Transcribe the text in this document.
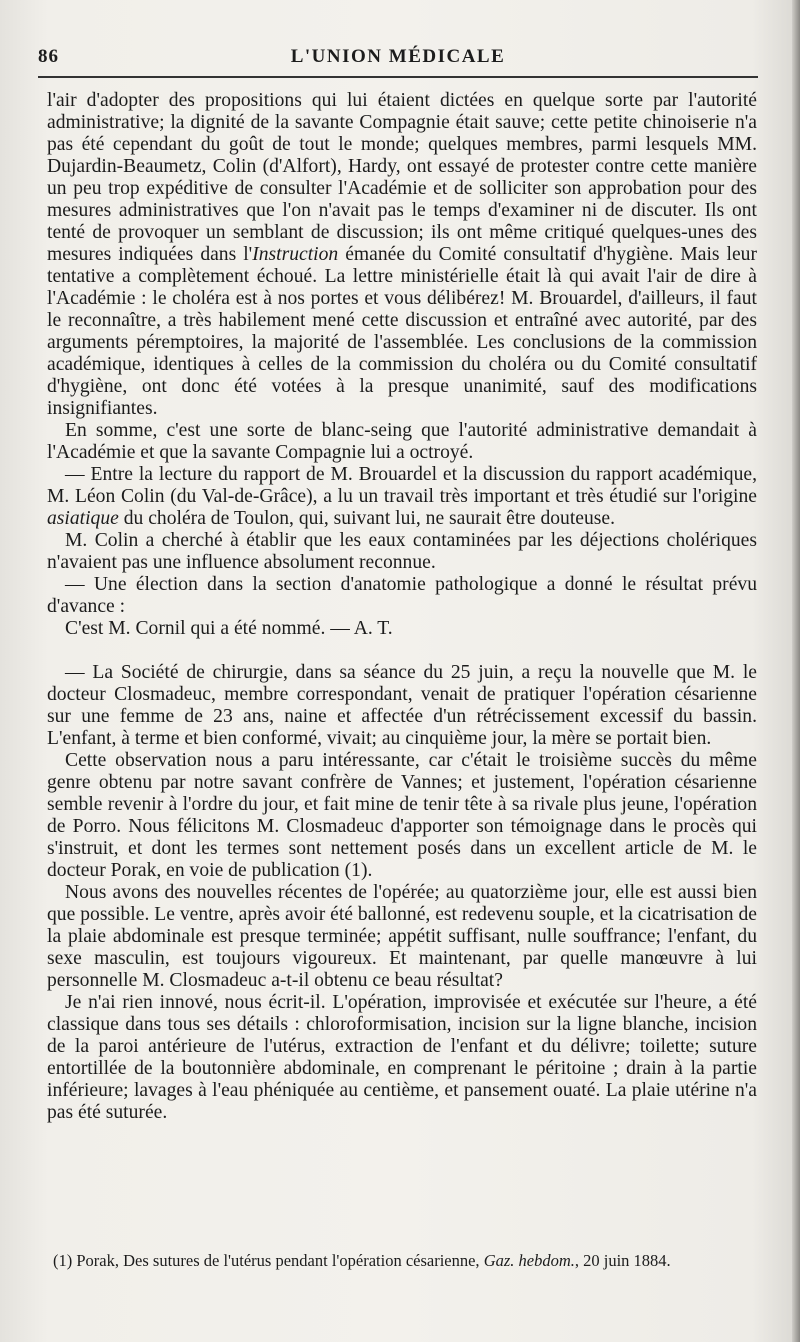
86	L'UNION MÉDICALE

l'air d'adopter des propositions qui lui étaient dictées en quelque sorte par l'autorité administrative; la dignité de la savante Compagnie était sauve; cette petite chinoiserie n'a pas été cependant du goût de tout le monde; quelques membres, parmi lesquels MM. Dujardin-Beaumetz, Colin (d'Alfort), Hardy, ont essayé de protester contre cette manière un peu trop expéditive de consulter l'Académie et de solliciter son approbation pour des mesures administratives que l'on n'avait pas le temps d'examiner ni de discuter. Ils ont tenté de provoquer un semblant de discussion; ils ont même critiqué quelques-unes des mesures indiquées dans l'Instruction émanée du Comité consultatif d'hygiène. Mais leur tentative a complètement échoué. La lettre ministérielle était là qui avait l'air de dire à l'Académie : le choléra est à nos portes et vous délibérez! M. Brouardel, d'ailleurs, il faut le reconnaître, a très habilement mené cette discussion et entraîné avec autorité, par des arguments péremptoires, la majorité de l'assemblée. Les conclusions de la commission académique, identiques à celles de la commission du choléra ou du Comité consultatif d'hygiène, ont donc été votées à la presque unanimité, sauf des modifications insignifiantes.

En somme, c'est une sorte de blanc-seing que l'autorité administrative demandait à l'Académie et que la savante Compagnie lui a octroyé.

— Entre la lecture du rapport de M. Brouardel et la discussion du rapport académique, M. Léon Colin (du Val-de-Grâce), a lu un travail très important et très étudié sur l'origine asiatique du choléra de Toulon, qui, suivant lui, ne saurait être douteuse.

M. Colin a cherché à établir que les eaux contaminées par les déjections cholériques n'avaient pas une influence absolument reconnue.

— Une élection dans la section d'anatomie pathologique a donné le résultat prévu d'avance :

C'est M. Cornil qui a été nommé. — A. T.

— La Société de chirurgie, dans sa séance du 25 juin, a reçu la nouvelle que M. le docteur Closmadeuc, membre correspondant, venait de pratiquer l'opération césarienne sur une femme de 23 ans, naine et affectée d'un rétrécissement excessif du bassin. L'enfant, à terme et bien conformé, vivait; au cinquième jour, la mère se portait bien.

Cette observation nous a paru intéressante, car c'était le troisième succès du même genre obtenu par notre savant confrère de Vannes; et justement, l'opération césarienne semble revenir à l'ordre du jour, et fait mine de tenir tête à sa rivale plus jeune, l'opération de Porro. Nous félicitons M. Closmadeuc d'apporter son témoignage dans le procès qui s'instruit, et dont les termes sont nettement posés dans un excellent article de M. le docteur Porak, en voie de publication (1).

Nous avons des nouvelles récentes de l'opérée; au quatorzième jour, elle est aussi bien que possible. Le ventre, après avoir été ballonné, est redevenu souple, et la cicatrisation de la plaie abdominale est presque terminée; appétit suffisant, nulle souffrance; l'enfant, du sexe masculin, est toujours vigoureux. Et maintenant, par quelle manœuvre à lui personnelle M. Closmadeuc a-t-il obtenu ce beau résultat?

Je n'ai rien innové, nous écrit-il. L'opération, improvisée et exécutée sur l'heure, a été classique dans tous ses détails : chloroformisation, incision sur la ligne blanche, incision de la paroi antérieure de l'utérus, extraction de l'enfant et du délivre; toilette; suture entortillée de la boutonnière abdominale, en comprenant le péritoine ; drain à la partie inférieure; lavages à l'eau phéniquée au centième, et pansement ouaté. La plaie utérine n'a pas été suturée.

(1) Porak, Des sutures de l'utérus pendant l'opération césarienne, Gaz. hebdom., 20 juin 1884.
